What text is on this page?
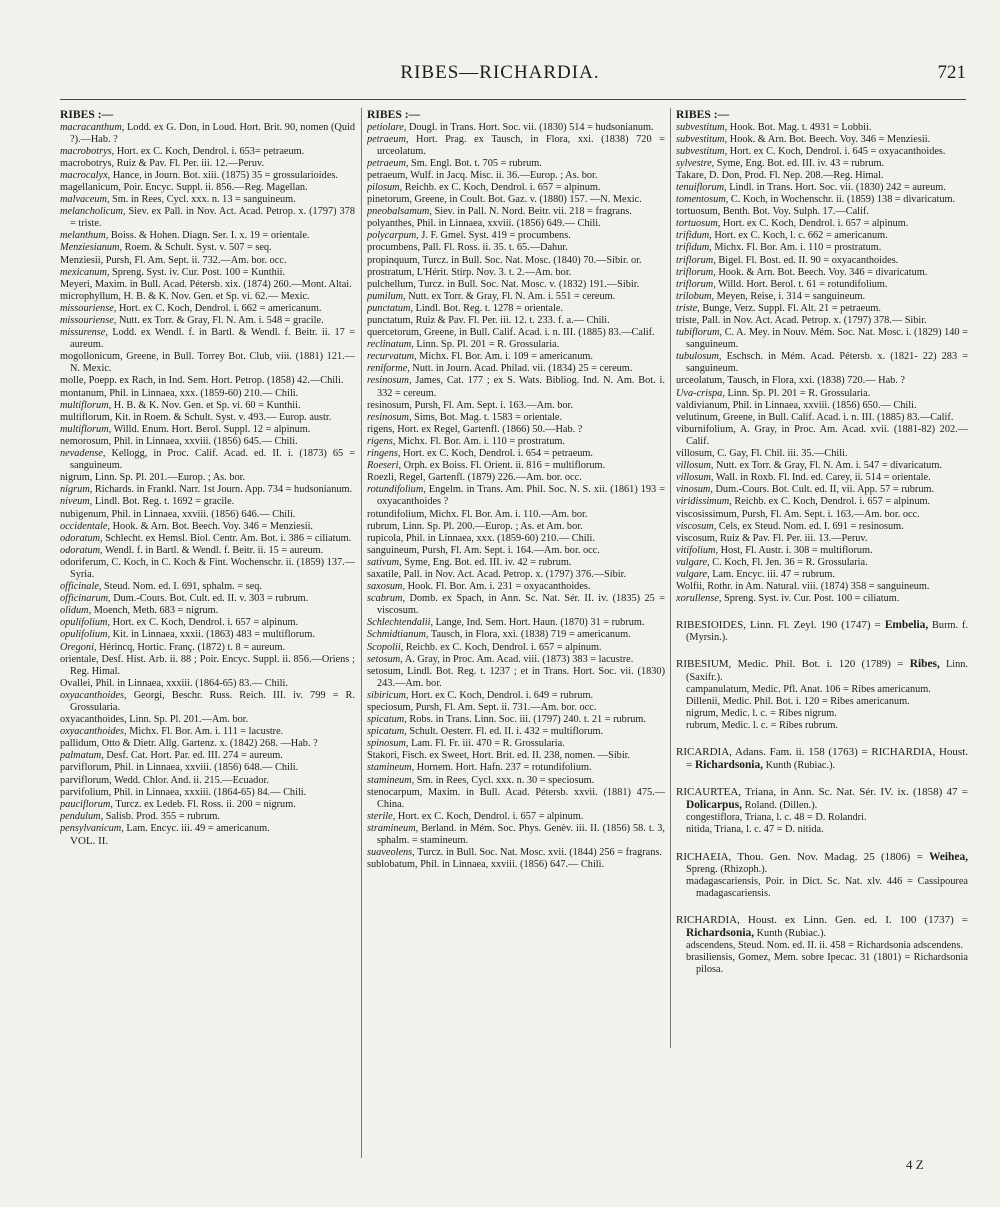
RIBES—RICHARDIA.	721
RIBES :—
macracanthum, Lodd. ex G. Don, in Loud. Hort. Brit. 90, nomen (Quid ?).—Hab. ?
macrobotrys, Hort. ex C. Koch, Dendrol. i. 653= petraeum.
macrobotrys, Ruiz & Pav. Fl. Per. iii. 12.—Peruv.
macrocalyx, Hance, in Journ. Bot. xiii. (1875) 35 = grossularioides.
magellanicum, Poir. Encyc. Suppl. ii. 856.—Reg. Magellan.
malvaceum, Sm. in Rees, Cycl. xxx. n. 13 = sanguineum.
melancholicum, Siev. ex Pall. in Nov. Act. Acad. Petrop. x. (1797) 378 = triste.
melanthum, Boiss. & Hohen. Diagn. Ser. I. x. 19 = orientale.
Menziesianum, Roem. & Schult. Syst. v. 507 = seq.
Menziesii, Pursh, Fl. Am. Sept. ii. 732.—Am. bor. occ.
mexicanum, Spreng. Syst. iv. Cur. Post. 100 = Kunthii.
Meyeri, Maxim. in Bull. Acad. Pétersb. xix. (1874) 260.—Mont. Altai.
microphyllum, H. B. & K. Nov. Gen. et Sp. vi. 62.— Mexic.
missouriense, Hort. ex C. Koch, Dendrol. i. 662 = americanum.
missouriense, Nutt. ex Torr. & Gray, Fl. N. Am. i. 548 = gracile.
missurense, Lodd. ex Wendl. f. in Bartl. & Wendl. f. Beitr. ii. 17 = aureum.
mogollonicum, Greene, in Bull. Torrey Bot. Club, viii. (1881) 121.—N. Mexic.
molle, Poepp. ex Rach, in Ind. Sem. Hort. Petrop. (1858) 42.—Chili.
montanum, Phil. in Linnaea, xxx. (1859-60) 210.— Chili.
multiflorum, H. B. & K. Nov. Gen. et Sp. vi. 60 = Kunthii.
multiflorum, Kit. in Roem. & Schult. Syst. v. 493.— Europ. austr.
multiflorum, Willd. Enum. Hort. Berol. Suppl. 12 = alpinum.
nemorosum, Phil. in Linnaea, xxviii. (1856) 645.— Chili.
nevadense, Kellogg, in Proc. Calif. Acad. ed. II. i. (1873) 65 = sanguineum.
nigrum, Linn. Sp. Pl. 201.—Europ. ; As. bor.
nigrum, Richards. in Frankl. Narr. 1st Journ. App. 734 = hudsonianum.
niveum, Lindl. Bot. Reg. t. 1692 = gracile.
nubigenum, Phil. in Linnaea, xxviii. (1856) 646.— Chili.
occidentale, Hook. & Arn. Bot. Beech. Voy. 346 = Menziesii.
odoratum, Schlecht. ex Hemsl. Biol. Centr. Am. Bot. i. 386 = ciliatum.
odoratum, Wendl. f. in Bartl. & Wendl. f. Beitr. ii. 15 = aureum.
odoriferum, C. Koch, in C. Koch & Fint. Wochenschr. ii. (1859) 137.—Syria.
officinale, Steud. Nom. ed. I. 691, sphalm. = seq.
officinarum, Dum.-Cours. Bot. Cult. ed. II. v. 303 = rubrum.
olidum, Moench, Meth. 683 = nigrum.
opulifolium, Hort. ex C. Koch, Dendrol. i. 657 = alpinum.
opulifolium, Kit. in Linnaea, xxxii. (1863) 483 = multiflorum.
Oregoni, Hérincq, Hortic. Franç. (1872) t. 8 = aureum.
orientale, Desf. Hist. Arb. ii. 88 ; Poir. Encyc. Suppl. ii. 856.—Oriens ; Reg. Himal.
Ovallei, Phil. in Linnaea, xxxiii. (1864-65) 83.— Chili.
oxyacanthoides, Georgi, Beschr. Russ. Reich. III. iv. 799 = R. Grossularia.
oxyacanthoides, Linn. Sp. Pl. 201.—Am. bor.
oxyacanthoides, Michx. Fl. Bor. Am. i. 111 = lacustre.
pallidum, Otto & Dietr. Allg. Gartenz. x. (1842) 268. —Hab. ?
palmatum, Desf. Cat. Hort. Par. ed. III. 274 = aureum.
parviflorum, Phil. in Linnaea, xxviii. (1856) 648.— Chili.
parviflorum, Wedd. Chlor. And. ii. 215.—Ecuador.
parvifolium, Phil. in Linnaea, xxxiii. (1864-65) 84.— Chili.
pauciflorum, Turcz. ex Ledeb. Fl. Ross. ii. 200 = nigrum.
pendulum, Salisb. Prod. 355 = rubrum.
pensylvanicum, Lam. Encyc. iii. 49 = americanum.
VOL. II.
RIBES :—
petiolare, Dougl. in Trans. Hort. Soc. vii. (1830) 514 = hudsonianum.
petraeum, Hort. Prag. ex Tausch, in Flora, xxi. (1838) 720 = urceolatum.
petraeum, Sm. Engl. Bot. t. 705 = rubrum.
petraeum, Wulf. in Jacq. Misc. ii. 36.—Europ. ; As. bor.
pilosum, Reichb. ex C. Koch, Dendrol. i. 657 = alpinum.
pinetorum, Greene, in Coult. Bot. Gaz. v. (1880) 157. —N. Mexic.
pneobalsamum, Siev. in Pall. N. Nord. Beitr. vii. 218 = fragrans.
polyanthes, Phil. in Linnaea, xxviii. (1856) 649.— Chili.
polycarpum, J. F. Gmel. Syst. 419 = procumbens.
procumbens, Pall. Fl. Ross. ii. 35. t. 65.—Dahur.
propinquum, Turcz. in Bull. Soc. Nat. Mosc. (1840) 70.—Sibir. or.
prostratum, L'Hérit. Stirp. Nov. 3. t. 2.—Am. bor.
pulchellum, Turcz. in Bull. Soc. Nat. Mosc. v. (1832) 191.—Sibir.
pumilum, Nutt. ex Torr. & Gray, Fl. N. Am. i. 551 = cereum.
punctatum, Lindl. Bot. Reg. t. 1278 = orientale.
punctatum, Ruiz & Pav. Fl. Per. iii. 12. t. 233. f. a.— Chili.
quercetorum, Greene, in Bull. Calif. Acad. i. n. III. (1885) 83.—Calif.
reclinatum, Linn. Sp. Pl. 201 = R. Grossularia.
recurvatum, Michx. Fl. Bor. Am. i. 109 = americanum.
reniforme, Nutt. in Journ. Acad. Philad. vii. (1834) 25 = cereum.
resinosum, James, Cat. 177 ; ex S. Wats. Bibliog. Ind. N. Am. Bot. i. 332 = cereum.
resinosum, Pursh, Fl. Am. Sept. i. 163.—Am. bor.
resinosum, Sims, Bot. Mag. t. 1583 = orientale.
rigens, Hort. ex Regel, Gartenfl. (1866) 50.—Hab. ?
rigens, Michx. Fl. Bor. Am. i. 110 = prostratum.
ringens, Hort. ex C. Koch, Dendrol. i. 654 = petraeum.
Roeseri, Orph. ex Boiss. Fl. Orient. ii. 816 = multiflorum.
Roezli, Regel, Gartenfl. (1879) 226.—Am. bor. occ.
rotundifolium, Engelm. in Trans. Am. Phil. Soc. N. S. xii. (1861) 193 = oxyacanthoides ?
rotundifolium, Michx. Fl. Bor. Am. i. 110.—Am. bor.
rubrum, Linn. Sp. Pl. 200.—Europ. ; As. et Am. bor.
rupicola, Phil. in Linnaea, xxx. (1859-60) 210.— Chili.
sanguineum, Pursh, Fl. Am. Sept. i. 164.—Am. bor. occ.
sativum, Syme, Eng. Bot. ed. III. iv. 42 = rubrum.
saxatile, Pall. in Nov. Act. Acad. Petrop. x. (1797) 376.—Sibir.
saxosum, Hook. Fl. Bor. Am. i. 231 = oxyacanthoides.
scabrum, Domb. ex Spach, in Ann. Sc. Nat. Sér. II. iv. (1835) 25 = viscosum.
Schlechtendalii, Lange, Ind. Sem. Hort. Haun. (1870) 31 = rubrum.
Schmidtianum, Tausch, in Flora, xxi. (1838) 719 = americanum.
Scopolii, Reichb. ex C. Koch, Dendrol. i. 657 = alpinum.
setosum, A. Gray, in Proc. Am. Acad. viii. (1873) 383 = lacustre.
setosum, Lindl. Bot. Reg. t. 1237 ; et in Trans. Hort. Soc. vii. (1830) 243.—Am. bor.
sibiricum, Hort. ex C. Koch, Dendrol. i. 649 = rubrum.
speciosum, Pursh, Fl. Am. Sept. ii. 731.—Am. bor. occ.
spicatum, Robs. in Trans. Linn. Soc. iii. (1797) 240. t. 21 = rubrum.
spicatum, Schult. Oesterr. Fl. ed. II. i. 432 = multiflorum.
spinosum, Lam. Fl. Fr. iii. 470 = R. Grossularia.
Stakori, Fisch. ex Sweet, Hort. Brit. ed. II. 238, nomen. —Sibir.
stamineum, Hornem. Hort. Hafn. 237 = rotundifolium.
stamineum, Sm. in Rees, Cycl. xxx. n. 30 = speciosum.
stenocarpum, Maxim. in Bull. Acad. Pétersb. xxvii. (1881) 475.—China.
sterile, Hort. ex C. Koch, Dendrol. i. 657 = alpinum.
stramineum, Berland. in Mém. Soc. Phys. Genèv. iii. II. (1856) 58. t. 3, sphalm. = stamineum.
suaveolens, Turcz. in Bull. Soc. Nat. Mosc. xvii. (1844) 256 = fragrans.
sublobatum, Phil. in Linnaea, xxviii. (1856) 647.— Chili.
RIBES :—
subvestitum, Hook. Bot. Mag. t. 4931 = Lobbii.
subvestitum, Hook. & Arn. Bot. Beech. Voy. 346 = Menziesii.
subvestitum, Hort. ex C. Koch, Dendrol. i. 645 = oxyacanthoides.
sylvestre, Syme, Eng. Bot. ed. III. iv. 43 = rubrum.
Takare, D. Don, Prod. Fl. Nep. 208.—Reg. Himal.
tenuiflorum, Lindl. in Trans. Hort. Soc. vii. (1830) 242 = aureum.
tomentosum, C. Koch, in Wochenschr. ii. (1859) 138 = divaricatum.
tortuosum, Benth. Bot. Voy. Sulph. 17.—Calif.
tortuosum, Hort. ex C. Koch, Dendrol. i. 657 = alpinum.
trifidum, Hort. ex C. Koch, l. c. 662 = americanum.
trifidum, Michx. Fl. Bor. Am. i. 110 = prostratum.
triflorum, Bigel. Fl. Bost. ed. II. 90 = oxyacanthoides.
triflorum, Hook. & Arn. Bot. Beech. Voy. 346 = divaricatum.
triflorum, Willd. Hort. Berol. t. 61 = rotundifolium.
trilobum, Meyen, Reise, i. 314 = sanguineum.
triste, Bunge, Verz. Suppl. Fl. Alt. 21 = petraeum.
triste, Pall. in Nov. Act. Acad. Petrop. x. (1797) 378.— Sibir.
tubiflorum, C. A. Mey. in Nouv. Mém. Soc. Nat. Mosc. i. (1829) 140 = sanguineum.
tubulosum, Eschsch. in Mém. Acad. Pétersb. x. (1821- 22) 283 = sanguineum.
urceolatum, Tausch, in Flora, xxi. (1838) 720.— Hab. ?
Uva-crispa, Linn. Sp. Pl. 201 = R. Grossularia.
valdivianum, Phil. in Linnaea, xxviii. (1856) 650.— Chili.
velutinum, Greene, in Bull. Calif. Acad. i. n. III. (1885) 83.—Calif.
viburnifolium, A. Gray, in Proc. Am. Acad. xvii. (1881-82) 202.—Calif.
villosum, C. Gay, Fl. Chil. iii. 35.—Chili.
villosum, Nutt. ex Torr. & Gray, Fl. N. Am. i. 547 = divaricatum.
villosum, Wall. in Roxb. Fl. Ind. ed. Carey, ii. 514 = orientale.
vinosum, Dum.-Cours. Bot. Cult. ed. II, vii. App. 57 = rubrum.
viridissimum, Reichb. ex C. Koch, Dendrol. i. 657 = alpinum.
viscosissimum, Pursh, Fl. Am. Sept. i. 163.—Am. bor. occ.
viscosum, Cels, ex Steud. Nom. ed. I. 691 = resinosum.
viscosum, Ruiz & Pav. Fl. Per. iii. 13.—Peruv.
vitifolium, Host, Fl. Austr. i. 308 = multiflorum.
vulgare, C. Koch, Fl. Jen. 36 = R. Grossularia.
vulgare, Lam. Encyc. iii. 47 = rubrum.
Wolfii, Rothr. in Am. Natural. viii. (1874) 358 = sanguineum.
xorullense, Spreng. Syst. iv. Cur. Post. 100 = ciliatum.
RIBESIOIDES, Linn. Fl. Zeyl. 190 (1747) = Embelia, Burm. f. (Myrsin.).
RIBESIUM, Medic. Phil. Bot. i. 120 (1789) = Ribes, Linn. (Saxifr.).
campanulatum, Medic. Pfl. Anat. 106 = Ribes americanum.
Dillenii, Medic. Phil. Bot. i. 120 = Ribes americanum.
nigrum, Medic. l. c. = Ribes nigrum.
rubrum, Medic. l. c. = Ribes rubrum.
RICARDIA, Adans. Fam. ii. 158 (1763) = RICHARDIA, Houst. = Richardsonia, Kunth (Rubiac.).
RICAURTEA, Triana, in Ann. Sc. Nat. Sér. IV. ix. (1858) 47 = Dolicarpus, Roland. (Dillen.).
congestiflora, Triana, l. c. 48 = D. Rolandri.
nitida, Triana, l. c. 47 = D. nitida.
RICHAEIA, Thou. Gen. Nov. Madag. 25 (1806) = Weihea, Spreng. (Rhizoph.).
madagascariensis, Poir. in Dict. Sc. Nat. xlv. 446 = Cassipourea madagascariensis.
RICHARDIA, Houst. ex Linn. Gen. ed. I. 100 (1737) = Richardsonia, Kunth (Rubiac.).
adscendens, Steud. Nom. ed. II. ii. 458 = Richardsonia adscendens.
brasiliensis, Gomez, Mem. sobre Ipecac. 31 (1801) = Richardsonia pilosa.
4 Z
